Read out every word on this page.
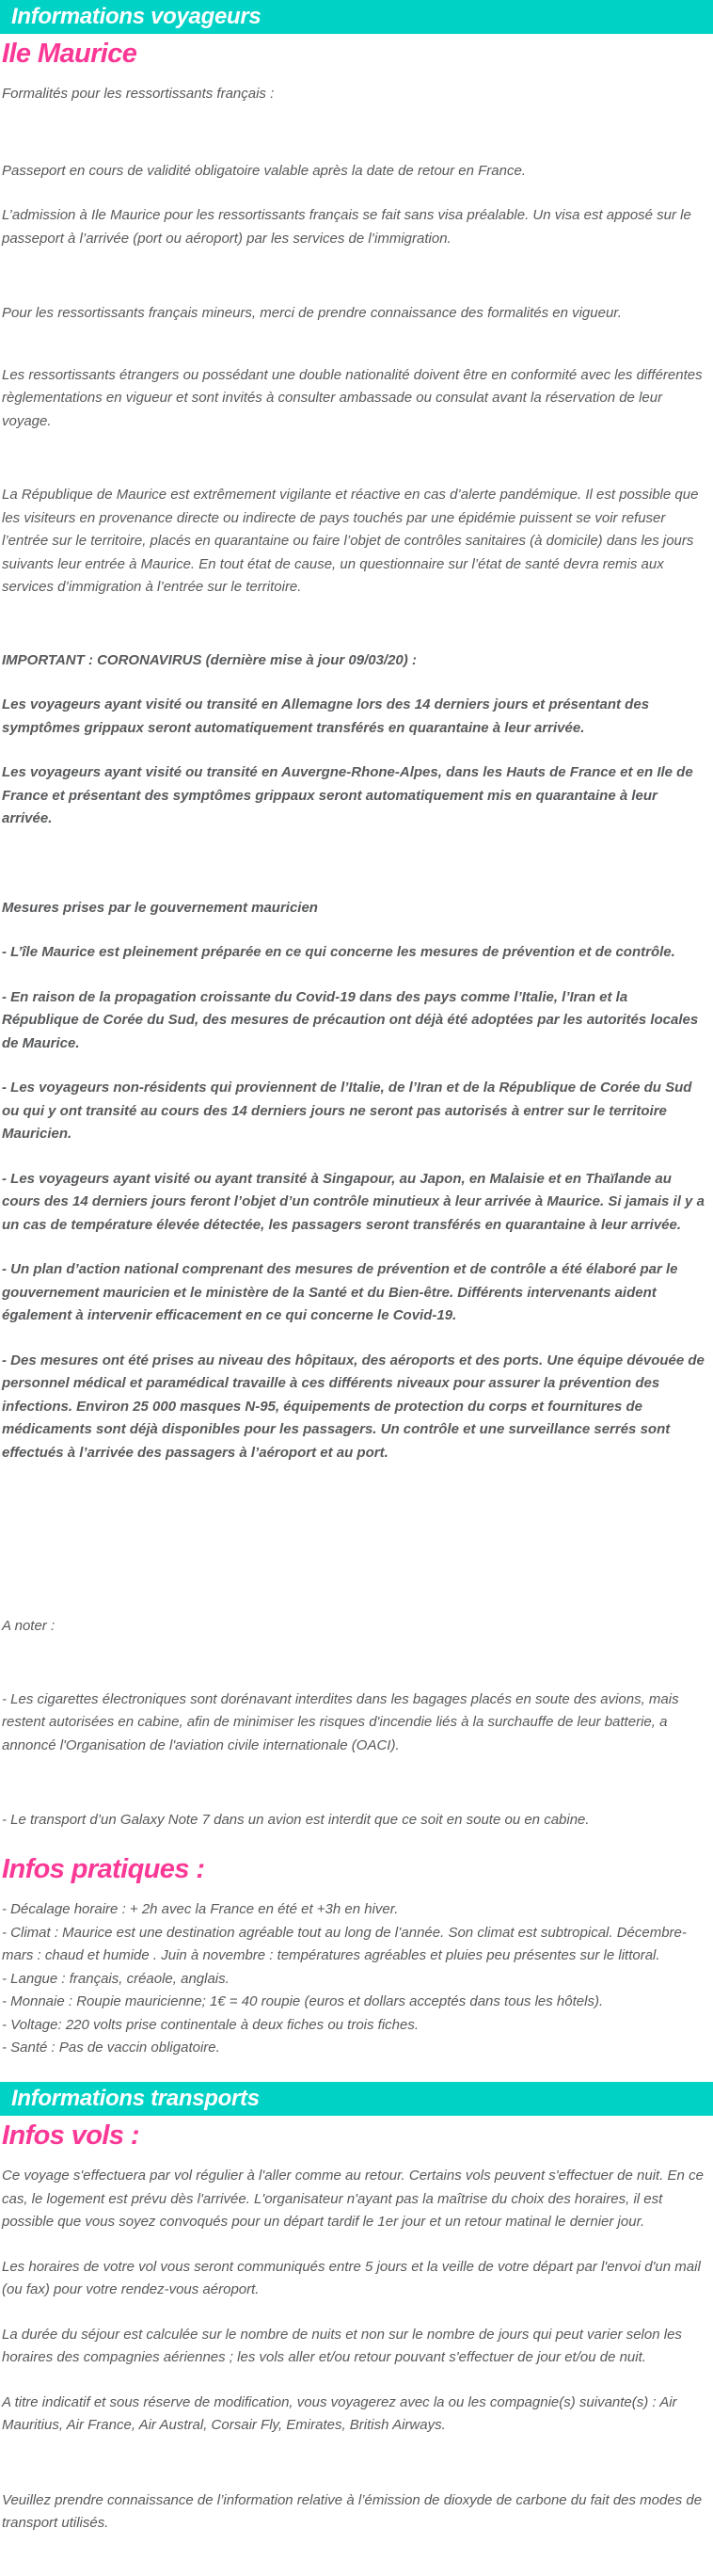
Informations voyageurs
Ile Maurice

Formalités pour les ressortissants français :

Passeport en cours de validité obligatoire valable après la date de retour en France.

L’admission à Ile Maurice pour les ressortissants français se fait sans visa préalable. Un visa est apposé sur le passeport à l’arrivée (port ou aéroport) par les services de l’immigration.

Pour les ressortissants français mineurs, merci de prendre connaissance des formalités en vigueur.

Les ressortissants étrangers ou possédant une double nationalité doivent être en conformité avec les différentes règlementations en vigueur et sont invités à consulter ambassade ou consulat avant la réservation de leur voyage.

La République de Maurice est extrêmement vigilante et réactive en cas d’alerte pandémique. Il est possible que les visiteurs en provenance directe ou indirecte de pays touchés par une épidémie puissent se voir refuser l’entrée sur le territoire, placés en quarantaine ou faire l’objet de contrôles sanitaires (à domicile) dans les jours suivants leur entrée à Maurice. En tout état de cause, un questionnaire sur l’état de santé devra remis aux services d’immigration à l’entrée sur le territoire.

IMPORTANT : CORONAVIRUS (dernière mise à jour 09/03/20) :

Les voyageurs ayant visité ou transité en Allemagne lors des 14 derniers jours et présentant des symptômes grippaux seront automatiquement transférés en quarantaine à leur arrivée.

Les voyageurs ayant visité ou transité en Auvergne-Rhone-Alpes, dans les Hauts de France et en Ile de France et présentant des symptômes grippaux seront automatiquement mis en quarantaine à leur arrivée.

Mesures prises par le gouvernement mauricien

- L’île Maurice est pleinement préparée en ce qui concerne les mesures de prévention et de contrôle.

- En raison de la propagation croissante du Covid-19 dans des pays comme l’Italie, l’Iran et la République de Corée du Sud, des mesures de précaution ont déjà été adoptées par les autorités locales de Maurice.

- Les voyageurs non-résidents qui proviennent de l’Italie, de l’Iran et de la République de Corée du Sud ou qui y ont transité au cours des 14 derniers jours ne seront pas autorisés à entrer sur le territoire Mauricien.

- Les voyageurs ayant visité ou ayant transité à Singapour, au Japon, en Malaisie et en Thaïlande au cours des 14 derniers jours feront l’objet d’un contrôle minutieux à leur arrivée à Maurice. Si jamais il y a un cas de température élevée détectée, les passagers seront transférés en quarantaine à leur arrivée.

- Un plan d’action national comprenant des mesures de prévention et de contrôle a été élaboré par le gouvernement mauricien et le ministère de la Santé et du Bien-être. Différents intervenants aident également à intervenir efficacement en ce qui concerne le Covid-19.

- Des mesures ont été prises au niveau des hôpitaux, des aéroports et des ports. Une équipe dévouée de personnel médical et paramédical travaille à ces différents niveaux pour assurer la prévention des infections. Environ 25 000 masques N-95, équipements de protection du corps et fournitures de médicaments sont déjà disponibles pour les passagers. Un contrôle et une surveillance serrés sont effectués à l’arrivée des passagers à l’aéroport et au port.

A noter :

- Les cigarettes électroniques sont dorénavant interdites dans les bagages placés en soute des avions, mais restent autorisées en cabine, afin de minimiser les risques d'incendie liés à la surchauffe de leur batterie, a annoncé l'Organisation de l'aviation civile internationale (OACI).

- Le transport d’un Galaxy Note 7 dans un avion est interdit que ce soit en soute ou en cabine.

Infos pratiques :
- Décalage horaire : + 2h avec la France en été et +3h en hiver.
- Climat : Maurice est une destination agréable tout au long de l’année. Son climat est subtropical. Décembre-mars : chaud et humide . Juin à novembre : températures agréables et pluies peu présentes sur le littoral.
- Langue : français, créaole, anglais.
- Monnaie : Roupie mauricienne; 1€ = 40 roupie (euros et dollars acceptés dans tous les hôtels).
- Voltage: 220 volts prise continentale à deux fiches ou trois fiches.
- Santé : Pas de vaccin obligatoire.
Informations transports
Infos vols :

Ce voyage s'effectuera par vol régulier à l'aller comme au retour. Certains vols peuvent s'effectuer de nuit. En ce cas, le logement est prévu dès l'arrivée. L'organisateur n'ayant pas la maîtrise du choix des horaires, il est possible que vous soyez convoqués pour un départ tardif le 1er jour et un retour matinal le dernier jour.

Les horaires de votre vol vous seront communiqués entre 5 jours et la veille de votre départ par l'envoi d'un mail (ou fax) pour votre rendez-vous aéroport.

La durée du séjour est calculée sur le nombre de nuits et non sur le nombre de jours qui peut varier selon les horaires des compagnies aériennes ; les vols aller et/ou retour pouvant s'effectuer de jour et/ou de nuit.

A titre indicatif et sous réserve de modification, vous voyagerez avec la ou les compagnie(s) suivante(s) : Air Mauritius, Air France, Air Austral, Corsair Fly, Emirates, British Airways.

Veuillez prendre connaissance de l’information relative à l’émission de dioxyde de carbone du fait des modes de transport utilisés.
